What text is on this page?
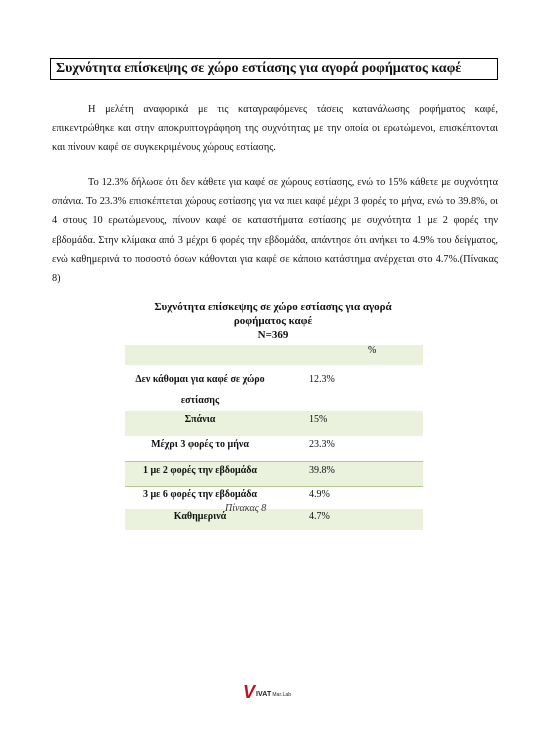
Συχνότητα επίσκεψης σε χώρο εστίασης για αγορά ροφήματος καφέ

Η μελέτη αναφορικά με τις καταγραφόμενες τάσεις κατανάλωσης ροφήματος καφέ, επικεντρώθηκε και στην αποκρυπτογράφηση της συχνότητας με την οποία οι ερωτώμενοι, επισκέπτονται και πίνουν καφέ σε συγκεκριμένους χώρους εστίασης.

Το 12.3% δήλωσε ότι δεν κάθετε για καφέ σε χώρους εστίασης, ενώ το 15% κάθετε με συχνότητα σπάνια. Το 23.3% επισκέπτεται χώρους εστίασης για να πιει καφέ μέχρι 3 φορές το μήνα, ενώ το 39.8%, οι 4 στους 10 ερωτώμενους, πίνουν καφέ σε καταστήματα εστίασης με συχνότητα 1 με 2 φορές την εβδομάδα. Στην κλίμακα από 3 μέχρι 6 φορές την εβδομάδα, απάντησε ότι ανήκει το 4.9% του δείγματος, ενώ καθημερινά το ποσοστό όσων κάθονται για καφέ σε κάποιο κατάστημα ανέρχεται στο 4.7%.(Πίνακας 8)

Συχνότητα επίσκεψης σε χώρο εστίασης για αγορά
ροφήματος καφέ
N=369
	%
Δεν κάθομαι για καφέ σε χώρο εστίασης	12.3%
Σπάνια	15%
Μέχρι 3 φορές το μήνα	23.3%
1 με 2 φορές την εβδομάδα	39.8%
3 με 6 φορές την εβδομάδα	4.9%
Καθημερινά	4.7%
Πίνακας 8
V IVAT Mar.Lab
